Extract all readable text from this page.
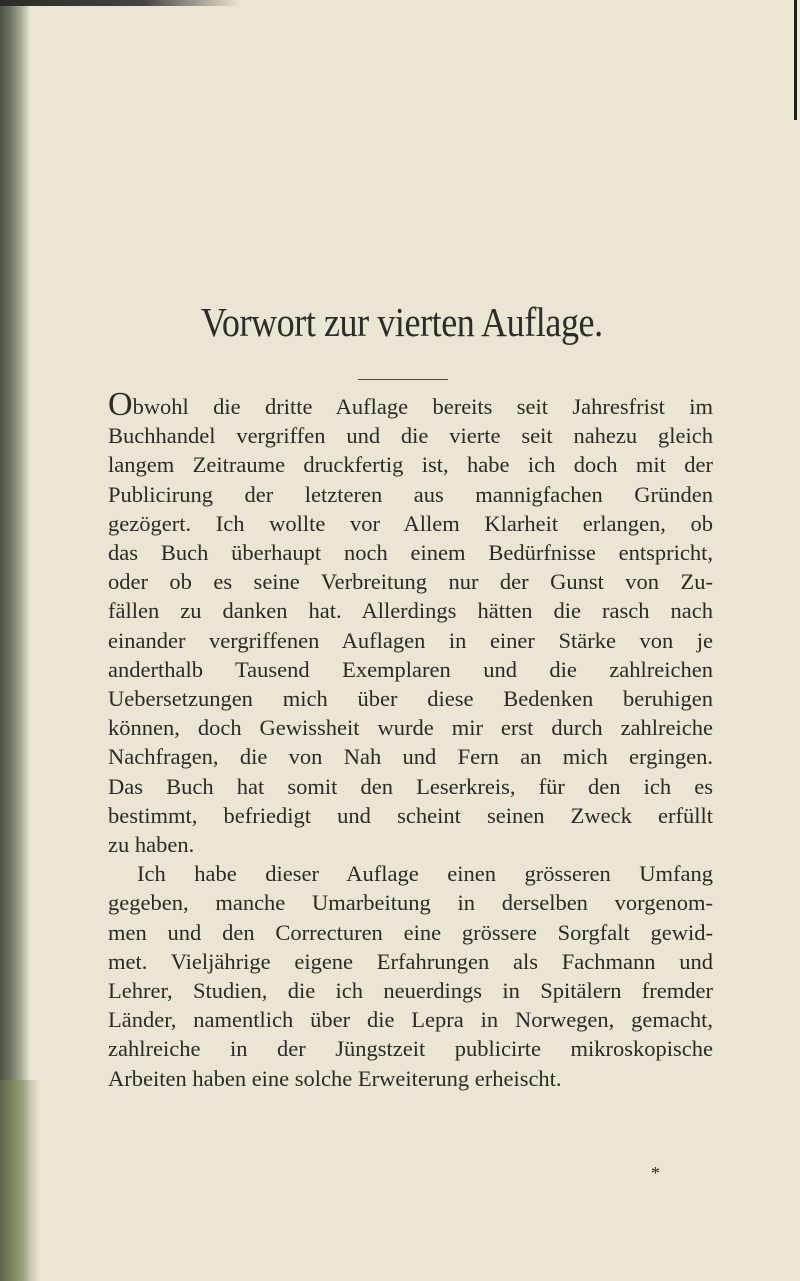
Vorwort zur vierten Auflage.
Obwohl die dritte Auflage bereits seit Jahresfrist im
Buchhandel vergriffen und die vierte seit nahezu gleich
langem Zeitraume druckfertig ist, habe ich doch mit der
Publicirung der letzteren aus mannigfachen Gründen
gezögert. Ich wollte vor Allem Klarheit erlangen, ob
das Buch überhaupt noch einem Bedürfnisse entspricht,
oder ob es seine Verbreitung nur der Gunst von Zu-
fällen zu danken hat. Allerdings hätten die rasch nach
einander vergriffenen Auflagen in einer Stärke von je
anderthalb Tausend Exemplaren und die zahlreichen
Uebersetzungen mich über diese Bedenken beruhigen
können, doch Gewissheit wurde mir erst durch zahlreiche
Nachfragen, die von Nah und Fern an mich ergingen.
Das Buch hat somit den Leserkreis, für den ich es
bestimmt, befriedigt und scheint seinen Zweck erfüllt
zu haben.
Ich habe dieser Auflage einen grösseren Umfang
gegeben, manche Umarbeitung in derselben vorgenom-
men und den Correcturen eine grössere Sorgfalt gewid-
met. Vieljährige eigene Erfahrungen als Fachmann und
Lehrer, Studien, die ich neuerdings in Spitälern fremder
Länder, namentlich über die Lepra in Norwegen, gemacht,
zahlreiche in der Jüngstzeit publicirte mikroskopische
Arbeiten haben eine solche Erweiterung erheischt.
*
